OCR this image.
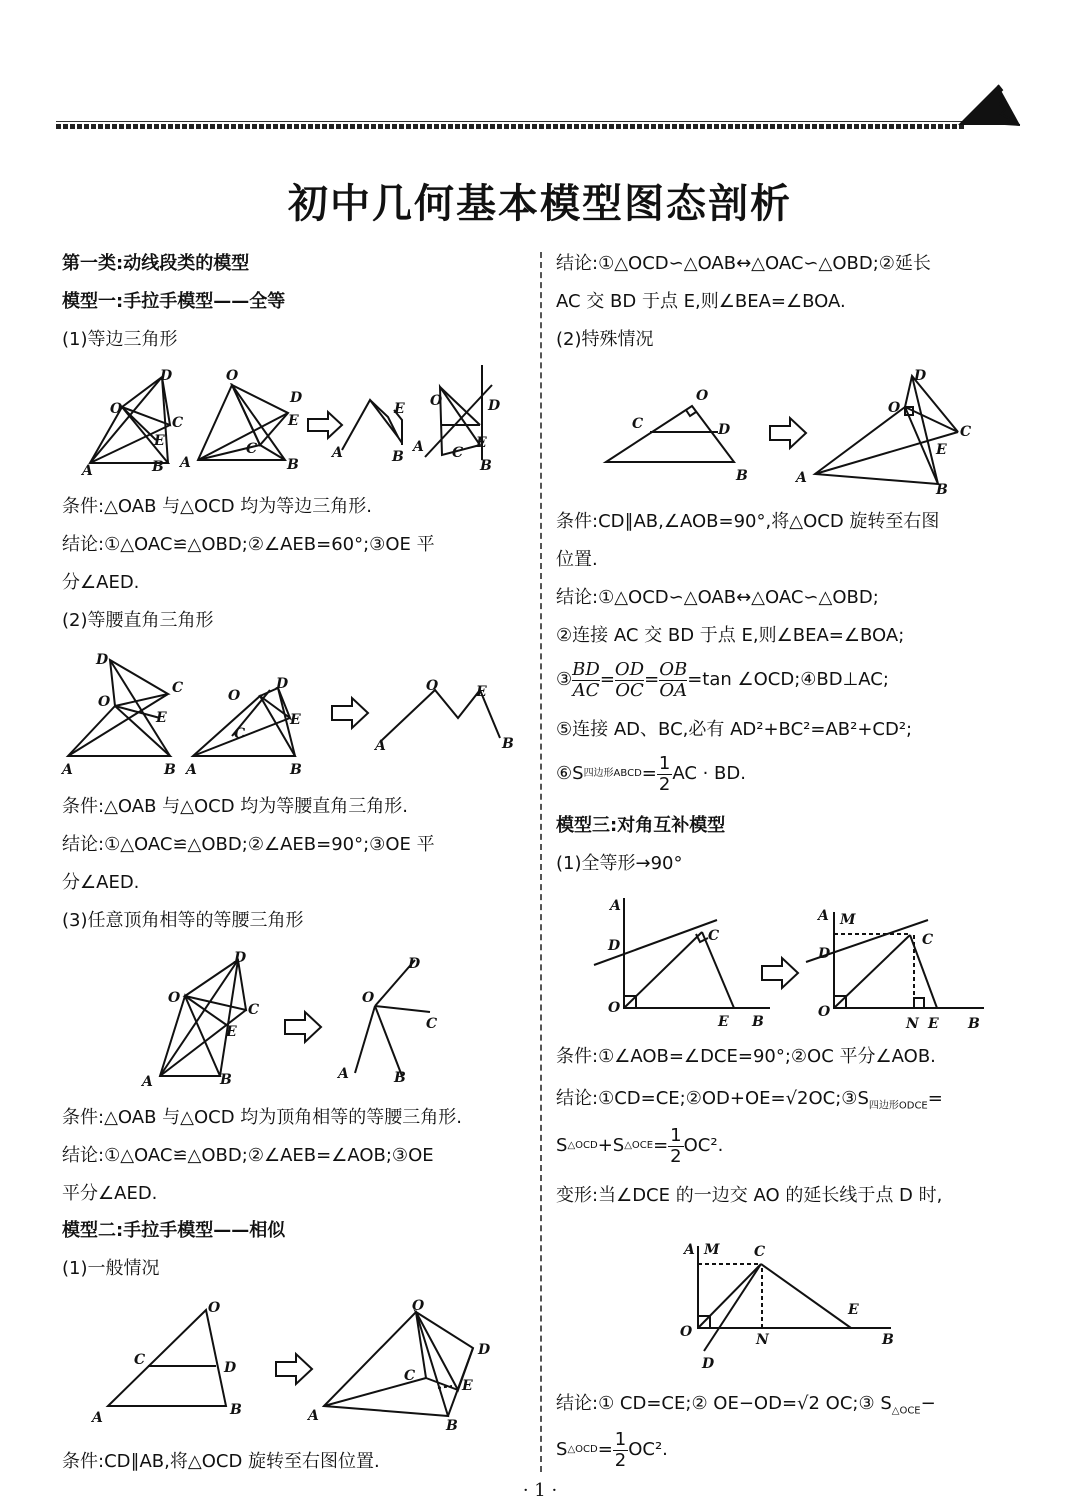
初中几何基本模型图态剖析
第一类:动线段类的模型
模型一:手拉手模型——全等
(1)等边三角形
A	B
O
D
C
E
A	B
O
D
E
C	A	B
E
A
O
C
D
E
B
条件:△OAB 与△OCD 均为等边三角形.
结论:①△OAC≌△OBD;②∠AEB=60°;③OE 平
分∠AED.
(2)等腰直角三角形
D
C
O
E
A	B
O
D
E
C
A	B
O	E
A	B
条件:△OAB 与△OCD 均为等腰直角三角形.
结论:①△OAC≌△OBD;②∠AEB=90°;③OE 平
分∠AED.
(3)任意顶角相等的等腰三角形
A	B
O
D
C
E
O
D
C
A	B
条件:△OAB 与△OCD 均为顶角相等的等腰三角形.
结论:①△OAC≌△OBD;②∠AEB=∠AOB;③OE
平分∠AED.
模型二:手拉手模型——相似
(1)一般情况
A	B
O
C	D
A
B
O
C
D
E
条件:CD∥AB,将△OCD 旋转至右图位置.
结论:①△OCD∽△OAB↔△OAC∽△OBD;②延长
AC 交 BD 于点 E,则∠BEA=∠BOA.
(2)特殊情况
C
O
D
B	A
D
O
C
E
B
条件:CD∥AB,∠AOB=90°,将△OCD 旋转至右图
位置.
结论:①△OCD∽△OAB↔△OAC∽△OBD;
②连接 AC 交 BD 于点 E,则∠BEA=∠BOA;
③ $\frac{BD}{AC} = \frac{OD}{OC} = \frac{OB}{OA} =\tan$ ∠OCD;④BD⊥AC;
⑤连接 AD、BC,必有 AD²+BC²=AB²+CD²;
⑥S 四边形ABCD = $\frac{1}{2}$ AC · BD.
模型三:对角互补模型
(1)全等形→90°
A
D
O
C
E B
A M
D
O
C
N E B
条件:①∠AOB=∠DCE=90°;②OC 平分∠AOB.
结论$:①CD=CE;②OD+OE=√2OC;③S_{四边形ODCE}=$
S △OCD +S △OCE = $\frac{1}{2} OC^2$.
变形:当∠DCE 的一边交 AO 的延长线于点 D 时,
A M C
O
E
B
N
D
结论:① CD=CE;② OE−OD=√2 OC;③ $S_{\triangle OCE}-$
S △OCD = $\frac{1}{2} OC^2$.
· 1 ·
